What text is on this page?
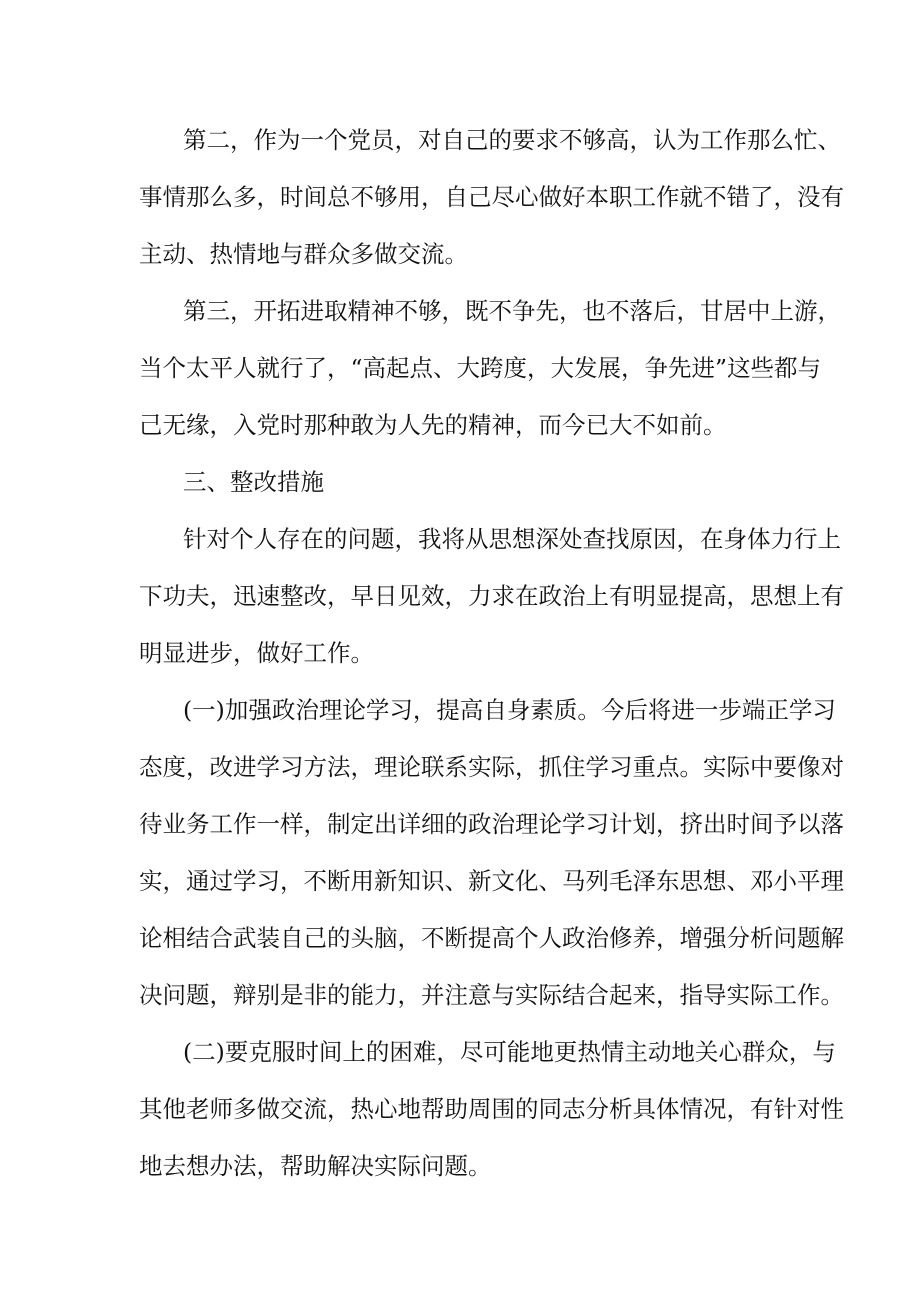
第二，作为一个党员，对自己的要求不够高，认为工作那么忙、

事情那么多，时间总不够用，自己尽心做好本职工作就不错了，没有

主动、热情地与群众多做交流。

第三，开拓进取精神不够，既不争先，也不落后，甘居中上游，

当个太平人就行了，“高起点、大跨度，大发展，争先进”这些都与

己无缘，入党时那种敢为人先的精神，而今已大不如前。

三、整改措施

针对个人存在的问题，我将从思想深处查找原因，在身体力行上

下功夫，迅速整改，早日见效，力求在政治上有明显提高，思想上有

明显进步，做好工作。

(一)加强政治理论学习，提高自身素质。今后将进一步端正学习

态度，改进学习方法，理论联系实际，抓住学习重点。实际中要像对

待业务工作一样，制定出详细的政治理论学习计划，挤出时间予以落

实，通过学习，不断用新知识、新文化、马列毛泽东思想、邓小平理

论相结合武装自己的头脑，不断提高个人政治修养，增强分析问题解

决问题，辩别是非的能力，并注意与实际结合起来，指导实际工作。

(二)要克服时间上的困难，尽可能地更热情主动地关心群众，与

其他老师多做交流，热心地帮助周围的同志分析具体情况，有针对性

地去想办法，帮助解决实际问题。
